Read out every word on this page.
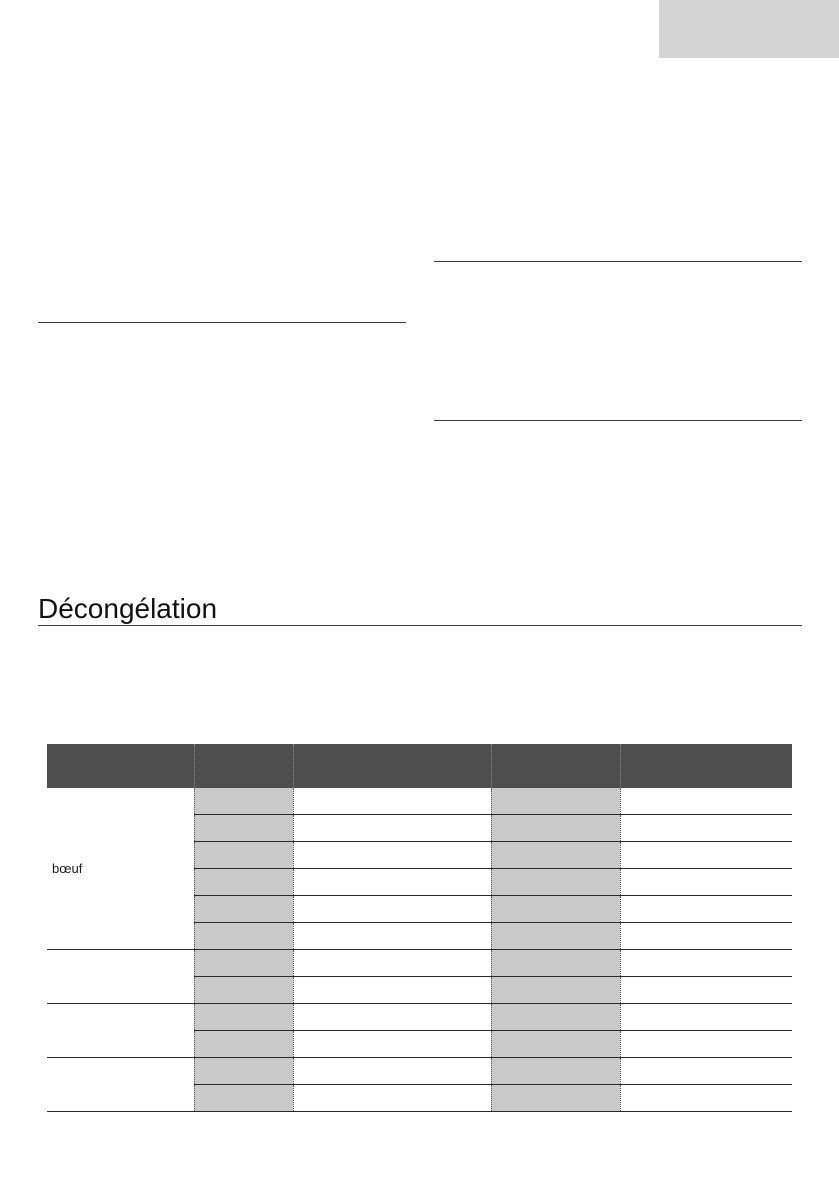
Décongélation

bœuf				
